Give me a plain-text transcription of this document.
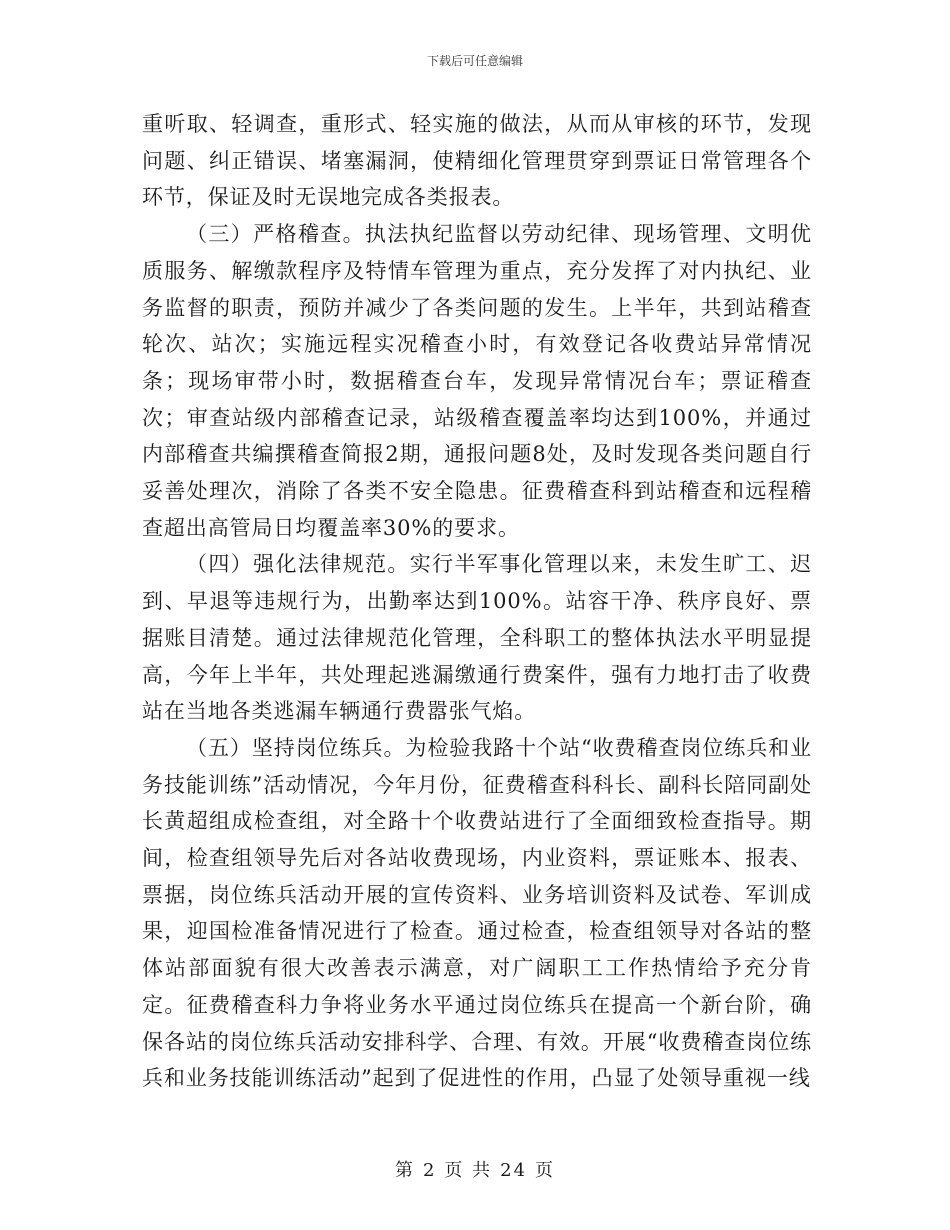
下载后可任意编辑

重听取、轻调查，重形式、轻实施的做法，从而从审核的环节，发现问题、纠正错误、堵塞漏洞，使精细化管理贯穿到票证日常管理各个环节，保证及时无误地完成各类报表。

（三）严格稽查。执法执纪监督以劳动纪律、现场管理、文明优质服务、解缴款程序及特情车管理为重点，充分发挥了对内执纪、业务监督的职责，预防并减少了各类问题的发生。上半年，共到站稽查轮次、站次；实施远程实况稽查小时，有效登记各收费站异常情况条；现场审带小时，数据稽查台车，发现异常情况台车；票证稽查次；审查站级内部稽查记录，站级稽查覆盖率均达到100%，并通过内部稽查共编撰稽查简报2期，通报问题8处，及时发现各类问题自行妥善处理次，消除了各类不安全隐患。征费稽查科到站稽查和远程稽查超出高管局日均覆盖率30%的要求。

（四）强化法律规范。实行半军事化管理以来，未发生旷工、迟到、早退等违规行为，出勤率达到100%。站容干净、秩序良好、票据账目清楚。通过法律规范化管理，全科职工的整体执法水平明显提高，今年上半年，共处理起逃漏缴通行费案件，强有力地打击了收费站在当地各类逃漏车辆通行费嚣张气焰。

（五）坚持岗位练兵。为检验我路十个站“收费稽查岗位练兵和业务技能训练”活动情况，今年月份，征费稽查科科长、副科长陪同副处长黄超组成检查组，对全路十个收费站进行了全面细致检查指导。期间，检查组领导先后对各站收费现场，内业资料，票证账本、报表、票据，岗位练兵活动开展的宣传资料、业务培训资料及试卷、军训成果，迎国检准备情况进行了检查。通过检查，检查组领导对各站的整体站部面貌有很大改善表示满意，对广阔职工工作热情给予充分肯定。征费稽查科力争将业务水平通过岗位练兵在提高一个新台阶，确保各站的岗位练兵活动安排科学、合理、有效。开展“收费稽查岗位练兵和业务技能训练活动”起到了促进性的作用，凸显了处领导重视一线

第 2 页 共 24 页
